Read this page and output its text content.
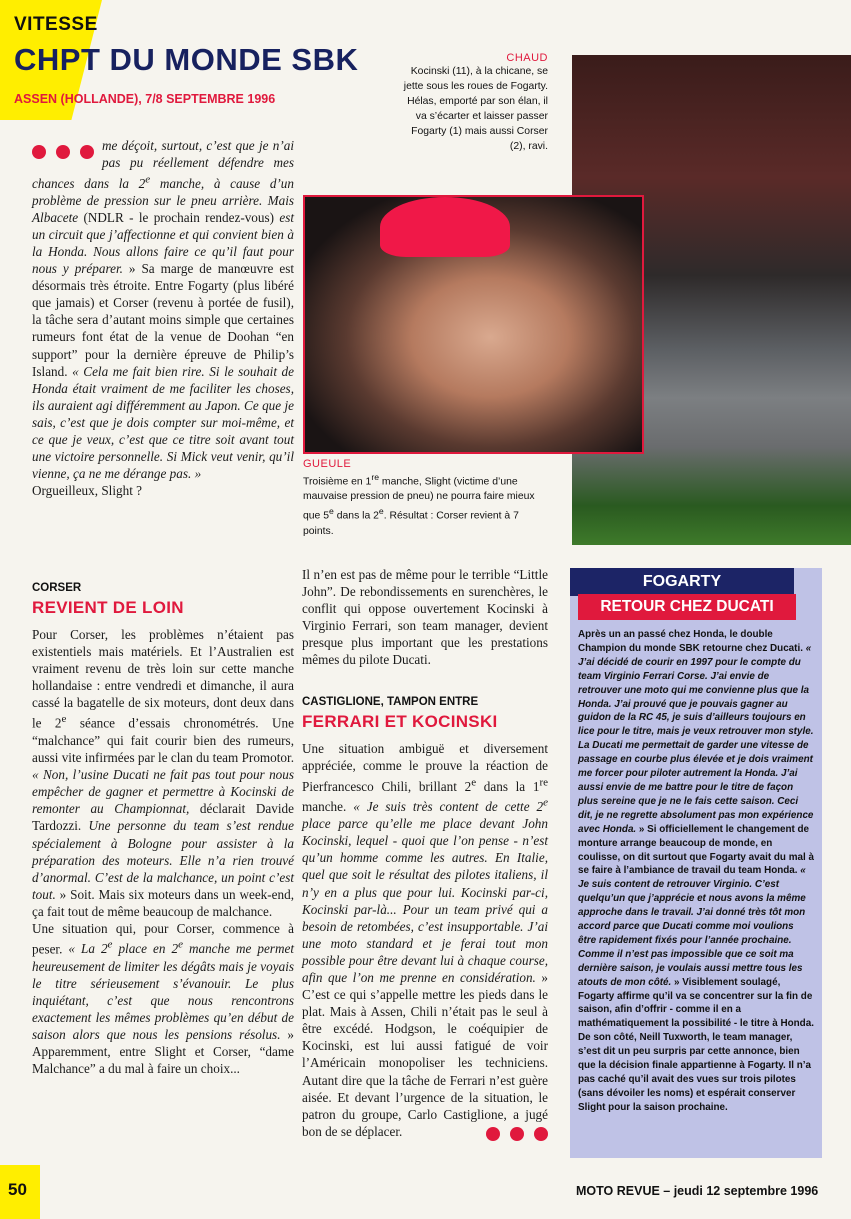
VITESSE
CHPT DU MONDE SBK
ASSEN (HOLLANDE), 7/8 SEPTEMBRE 1996
me déçoit, surtout, c’est que je n’ai pas pu réellement défendre mes chances dans la 2e manche, à cause d’un problème de pression sur le pneu arrière. Mais Albacete (NDLR - le prochain rendez-vous) est un circuit que j’affectionne et qui convient bien à la Honda. Nous allons faire ce qu’il faut pour nous y préparer. » Sa marge de manœuvre est désormais très étroite. Entre Fogarty (plus libéré que jamais) et Corser (revenu à portée de fusil), la tâche sera d’autant moins simple que certaines rumeurs font état de la venue de Doohan “en support” pour la dernière épreuve de Philip’s Island. « Cela me fait bien rire. Si le souhait de Honda était vraiment de me faciliter les choses, ils auraient agi différemment au Japon. Ce que je sais, c’est que je dois compter sur moi-même, et ce que je veux, c’est que ce titre soit avant tout une victoire personnelle. Si Mick veut venir, qu’il vienne, ça ne me dérange pas. »
Orgueilleux, Slight ?
CORSER
REVIENT DE LOIN
Pour Corser, les problèmes n’étaient pas existentiels mais matériels. Et l’Australien est vraiment revenu de très loin sur cette manche hollandaise : entre vendredi et dimanche, il aura cassé la bagatelle de six moteurs, dont deux dans le 2e séance d’essais chronométrés. Une “malchance” qui fait courir bien des rumeurs, aussi vite infirmées par le clan du team Promotor. « Non, l’usine Ducati ne fait pas tout pour nous empêcher de gagner et permettre à Kocinski de remonter au Championnat, déclarait Davide Tardozzi. Une personne du team s’est rendue spécialement à Bologne pour assister à la préparation des moteurs. Elle n’a rien trouvé d’anormal. C’est de la malchance, un point c’est tout. » Soit. Mais six moteurs dans un week-end, ça fait tout de même beaucoup de malchance.
Une situation qui, pour Corser, commence à peser. « La 2e place en 2e manche me permet heureusement de limiter les dégâts mais je voyais le titre sérieusement s’évanouir. Le plus inquiétant, c’est que nous rencontrons exactement les mêmes problèmes qu’en début de saison alors que nous les pensions résolus. » Apparemment, entre Slight et Corser, “dame Malchance” a du mal à faire un choix...
CHAUD
Kocinski (11), à la chicane, se jette sous les roues de Fogarty. Hélas, emporté par son élan, il va s’écarter et laisser passer Fogarty (1) mais aussi Corser (2), ravi.
GUEULE
Troisième en 1re manche, Slight (victime d’une mauvaise pression de pneu) ne pourra faire mieux que 5e dans la 2e. Résultat : Corser revient à 7 points.
Il n’en est pas de même pour le terrible “Little John”. De rebondissements en surenchères, le conflit qui oppose ouvertement Kocinski à Virginio Ferrari, son team manager, devient presque plus important que les prestations mêmes du pilote Ducati.
CASTIGLIONE, TAMPON ENTRE
FERRARI ET KOCINSKI
Une situation ambiguë et diversement appréciée, comme le prouve la réaction de Pierfrancesco Chili, brillant 2e dans la 1re manche. « Je suis très content de cette 2e place parce qu’elle me place devant John Kocinski, lequel - quoi que l’on pense - n’est qu’un homme comme les autres. En Italie, quel que soit le résultat des pilotes italiens, il n’y en a plus que pour lui. Kocinski par-ci, Kocinski par-là... Pour un team privé qui a besoin de retombées, c’est insupportable. J’ai une moto standard et je ferai tout mon possible pour être devant lui à chaque course, afin que l’on me prenne en considération. » C’est ce qui s’appelle mettre les pieds dans le plat. Mais à Assen, Chili n’était pas le seul à être excédé. Hodgson, le coéquipier de Kocinski, est lui aussi fatigué de voir l’Américain monopoliser les techniciens. Autant dire que la tâche de Ferrari n’est guère aisée. Et devant l’urgence de la situation, le patron du groupe, Carlo Castiglione, a jugé bon de se déplacer.
FOGARTY
RETOUR CHEZ DUCATI
Après un an passé chez Honda, le double Champion du monde SBK retourne chez Ducati. « J’ai décidé de courir en 1997 pour le compte du team Virginio Ferrari Corse. J’ai envie de retrouver une moto qui me convienne plus que la Honda. J’ai prouvé que je pouvais gagner au guidon de la RC 45, je suis d’ailleurs toujours en lice pour le titre, mais je veux retrouver mon style. La Ducati me permettait de garder une vitesse de passage en courbe plus élevée et je dois vraiment me forcer pour piloter autrement la Honda. J’ai aussi envie de me battre pour le titre de façon plus sereine que je ne le fais cette saison. Ceci dit, je ne regrette absolument pas mon expérience avec Honda. » Si officiellement le changement de monture arrange beaucoup de monde, en coulisse, on dit surtout que Fogarty avait du mal à se faire à l’ambiance de travail du team Honda. « Je suis content de retrouver Virginio. C’est quelqu’un que j’apprécie et nous avons la même approche dans le travail. J’ai donné très tôt mon accord parce que Ducati comme moi voulions être rapidement fixés pour l’année prochaine. Comme il n’est pas impossible que ce soit ma dernière saison, je voulais aussi mettre tous les atouts de mon côté. » Visiblement soulagé, Fogarty affirme qu’il va se concentrer sur la fin de saison, afin d’offrir - comme il en a mathématiquement la possibilité - le titre à Honda. De son côté, Neill Tuxworth, le team manager, s’est dit un peu surpris par cette annonce, bien que la décision finale appartienne à Fogarty. Il n’a pas caché qu’il avait des vues sur trois pilotes (sans dévoiler les noms) et espérait conserver Slight pour la saison prochaine.
50	MOTO REVUE – jeudi 12 septembre 1996
